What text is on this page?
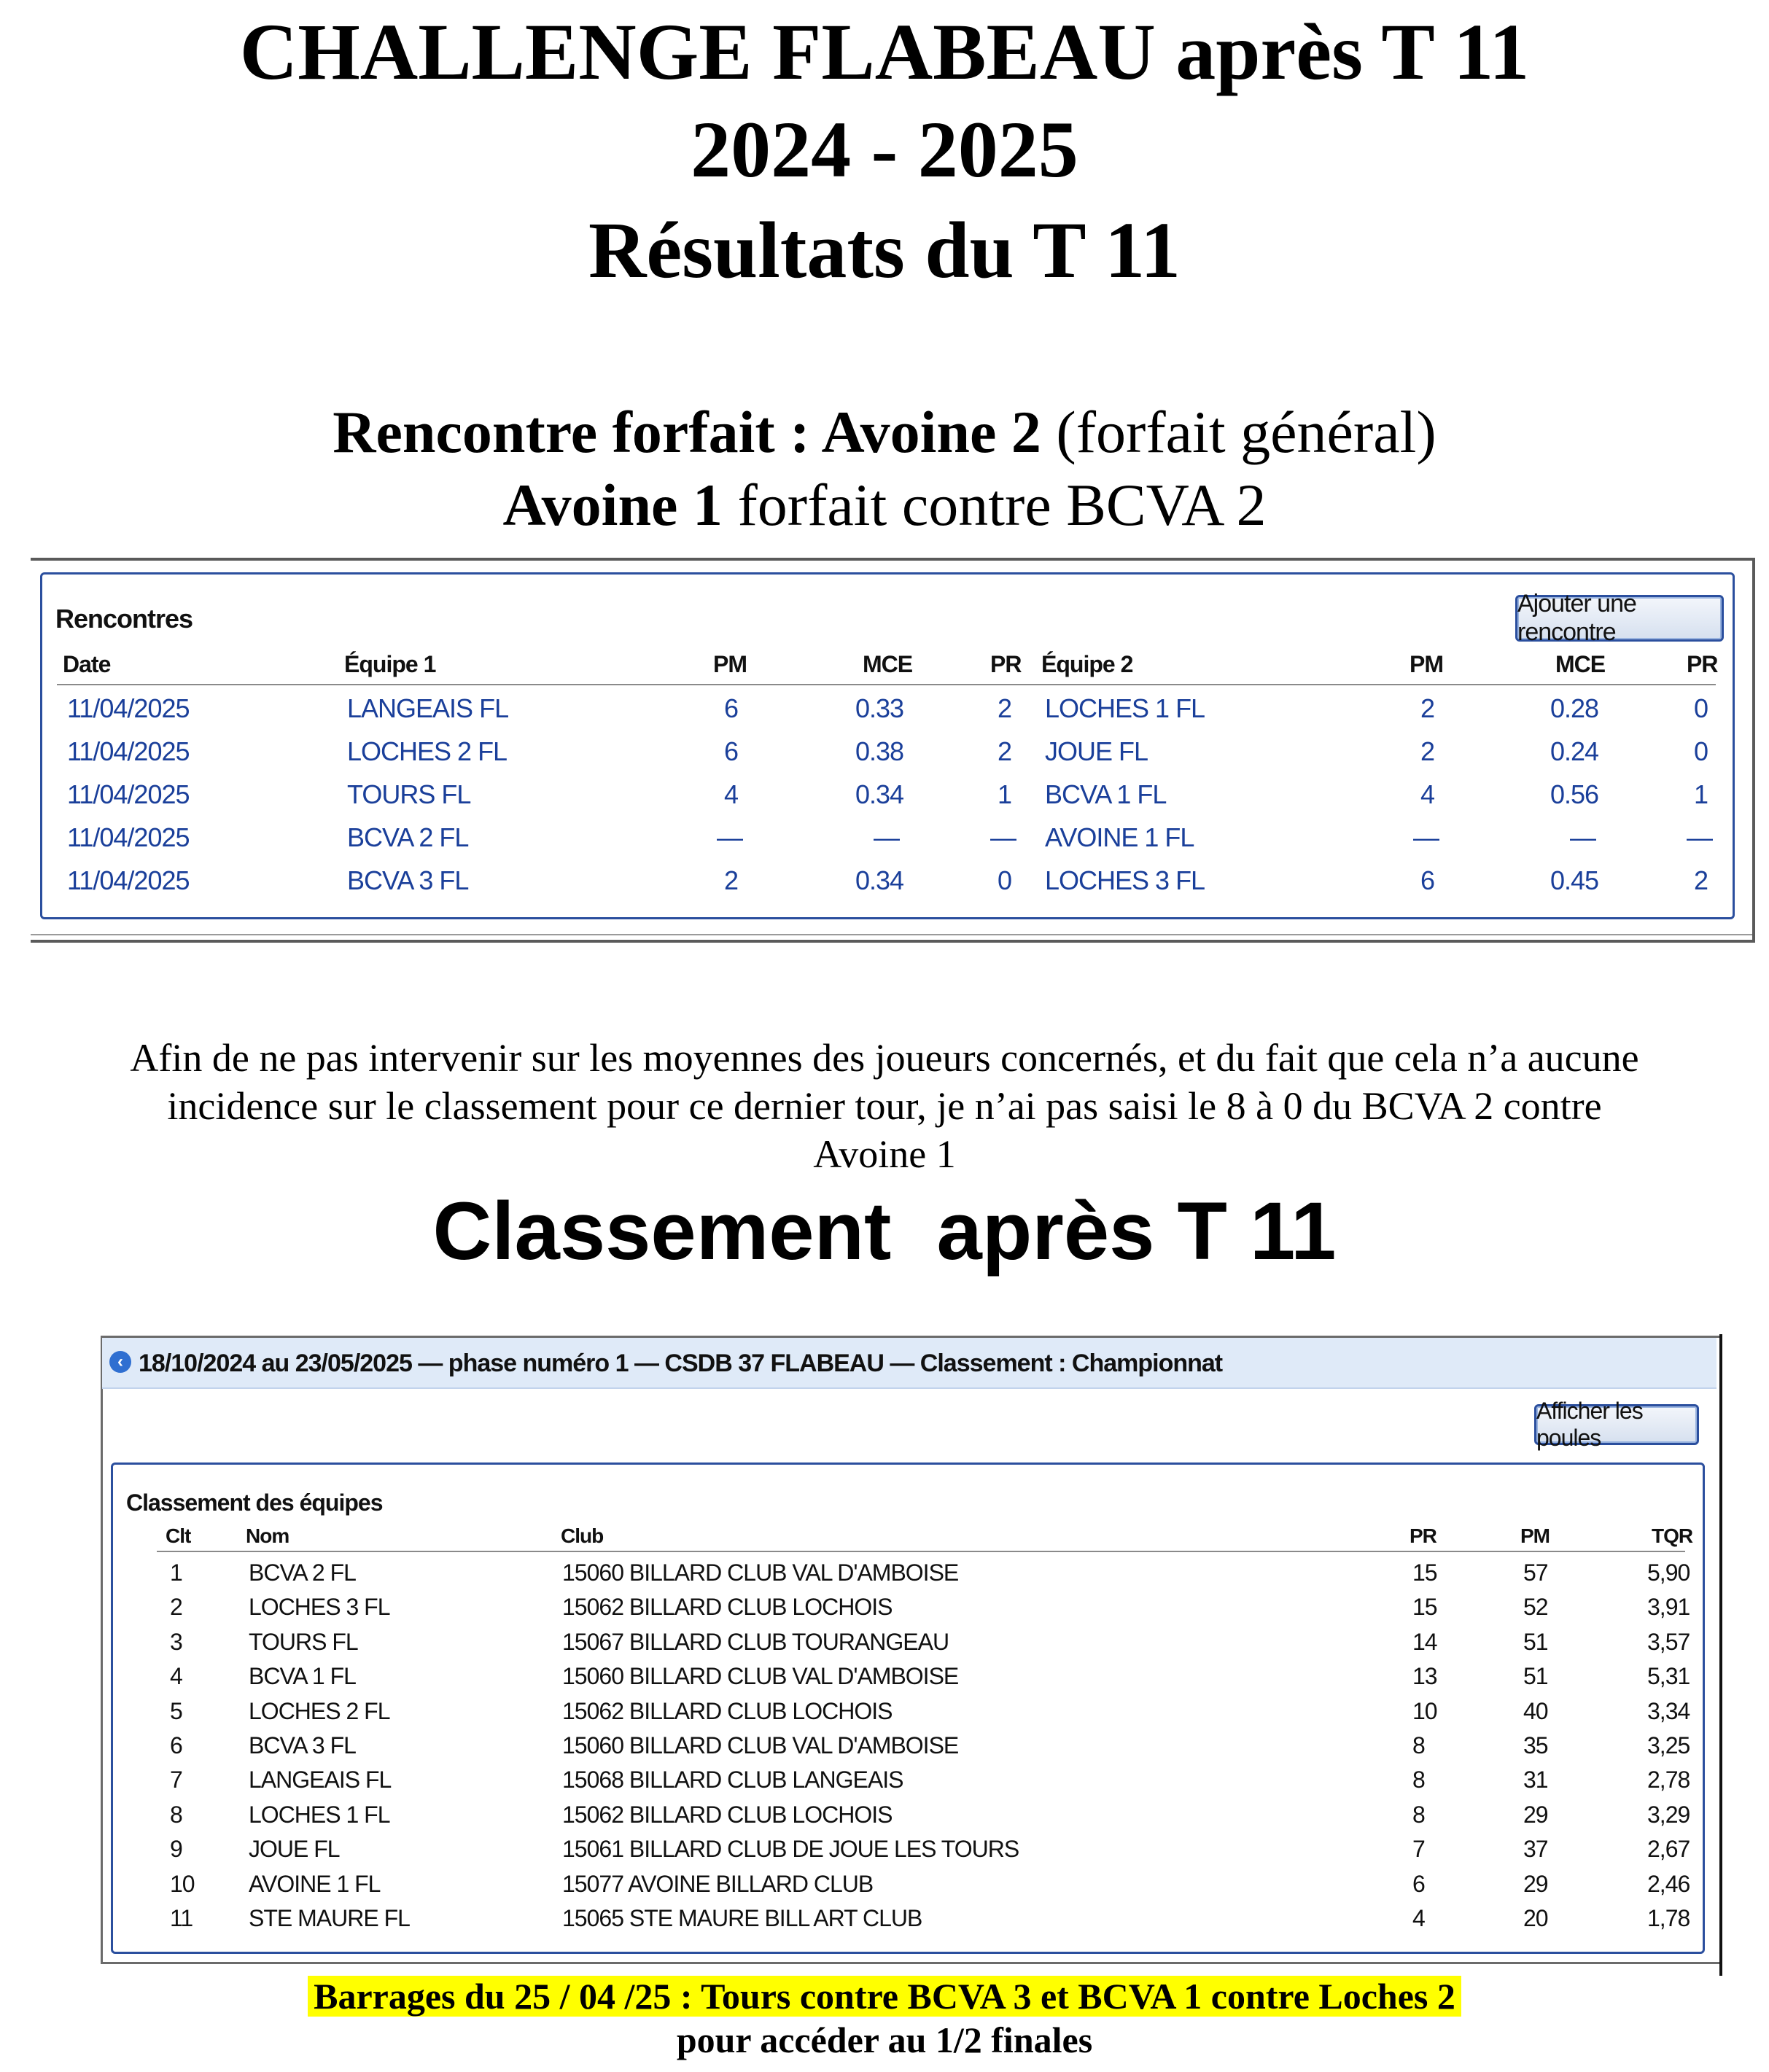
CHALLENGE FLABEAU après T 11
2024 - 2025
Résultats du T 11
Rencontre forfait : Avoine 2 (forfait général)
Avoine 1 forfait contre BCVA 2
Rencontres	Ajouter une rencontre
Date	Équipe 1	PM	MCE	PR Équipe 2	PM	MCE	PR
11/04/2025	LANGEAIS FL	6	0.33	2 LOCHES 1 FL	2	0.28	0
11/04/2025	LOCHES 2 FL	6	0.38	2 JOUE FL	2	0.24	0
11/04/2025	TOURS FL	4	0.34	1 BCVA 1 FL	4	0.56	1
11/04/2025	BCVA 2 FL	—	—	— AVOINE 1 FL	—	—	—
11/04/2025	BCVA 3 FL	2	0.34	0 LOCHES 3 FL	6	0.45	2
Afin de ne pas intervenir sur les moyennes des joueurs concernés, et du fait que cela n’a aucune incidence sur le classement pour ce dernier tour, je n’ai pas saisi le 8 à 0 du BCVA 2 contre Avoine 1
Classement  après T 11
‹ 18/10/2024 au 23/05/2025 — phase numéro 1 — CSDB 37 FLABEAU — Classement : Championnat
Afficher les poules
Classement des équipes
Clt	Nom	Club	PR	PM	TQR
1	BCVA 2 FL	15060 BILLARD CLUB VAL D'AMBOISE	15	57	5,90
2	LOCHES 3 FL	15062 BILLARD CLUB LOCHOIS	15	52	3,91
3	TOURS FL	15067 BILLARD CLUB TOURANGEAU	14	51	3,57
4	BCVA 1 FL	15060 BILLARD CLUB VAL D'AMBOISE	13	51	5,31
5	LOCHES 2 FL	15062 BILLARD CLUB LOCHOIS	10	40	3,34
6	BCVA 3 FL	15060 BILLARD CLUB VAL D'AMBOISE	8	35	3,25
7	LANGEAIS FL	15068 BILLARD CLUB LANGEAIS	8	31	2,78
8	LOCHES 1 FL	15062 BILLARD CLUB LOCHOIS	8	29	3,29
9	JOUE FL	15061 BILLARD CLUB DE JOUE LES TOURS	7	37	2,67
10 AVOINE 1 FL	15077 AVOINE BILLARD CLUB	6	29	2,46
11 STE MAURE FL	15065 STE MAURE BILL ART CLUB	4	20	1,78
Barrages du 25 / 04 /25 : Tours contre BCVA 3 et BCVA 1 contre Loches 2
pour accéder au 1/2 finales
